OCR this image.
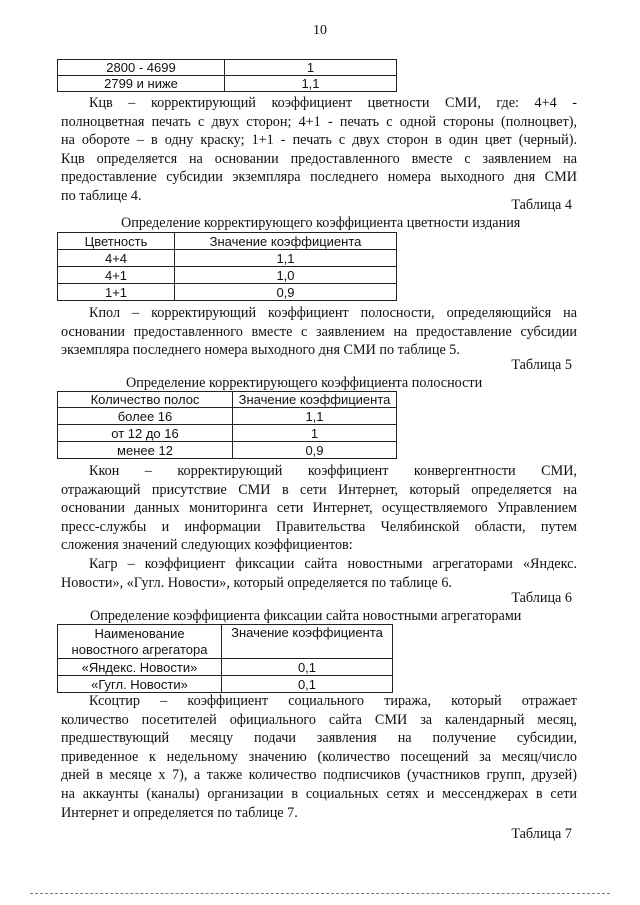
10
2800 - 4699	1
2799 и ниже	1,1
Кцв – корректирующий коэффициент цветности СМИ, где: 4+4 -
полноцветная печать с двух сторон; 4+1 - печать с одной стороны (полноцвет),
на обороте – в одну краску; 1+1 - печать с двух сторон в один цвет (черный).
Кцв определяется на основании предоставленного вместе с заявлением на
предоставление субсидии экземпляра последнего номера выходного дня СМИ
по таблице 4.
Таблица 4
Определение корректирующего коэффициента цветности издания
Цветность	Значение коэффициента
4+4	1,1
4+1	1,0
1+1	0,9
Кпол – корректирующий коэффициент полосности, определяющийся на
основании предоставленного вместе с заявлением на предоставление субсидии
экземпляра последнего номера выходного дня СМИ по таблице 5.
Таблица 5
Определение корректирующего коэффициента полосности
Количество полос	Значение коэффициента
более 16	1,1
от 12 до 16	1
менее 12	0,9
Ккон – корректирующий коэффициент конвергентности СМИ,
отражающий присутствие СМИ в сети Интернет, который определяется на
основании данных мониторинга сети Интернет, осуществляемого Управлением
пресс-службы и информации Правительства Челябинской области, путем
сложения значений следующих коэффициентов:
Кагр – коэффициент фиксации сайта новостными агрегаторами «Яндекс.
Новости», «Гугл. Новости», который определяется по таблице 6.
Таблица 6
Определение коэффициента фиксации сайта новостными агрегаторами
Наименование новостного агрегатора	Значение коэффициента
«Яндекс. Новости»	0,1
«Гугл. Новости»	0,1
Ксоцтир – коэффициент социального тиража, который отражает
количество посетителей официального сайта СМИ за календарный месяц,
предшествующий месяцу подачи заявления на получение субсидии,
приведенное к недельному значению (количество посещений за месяц/число
дней в месяце х 7), а также количество подписчиков (участников групп, друзей)
на аккаунты (каналы) организации в социальных сетях и мессенджерах в сети
Интернет и определяется по таблице 7.
Таблица 7
